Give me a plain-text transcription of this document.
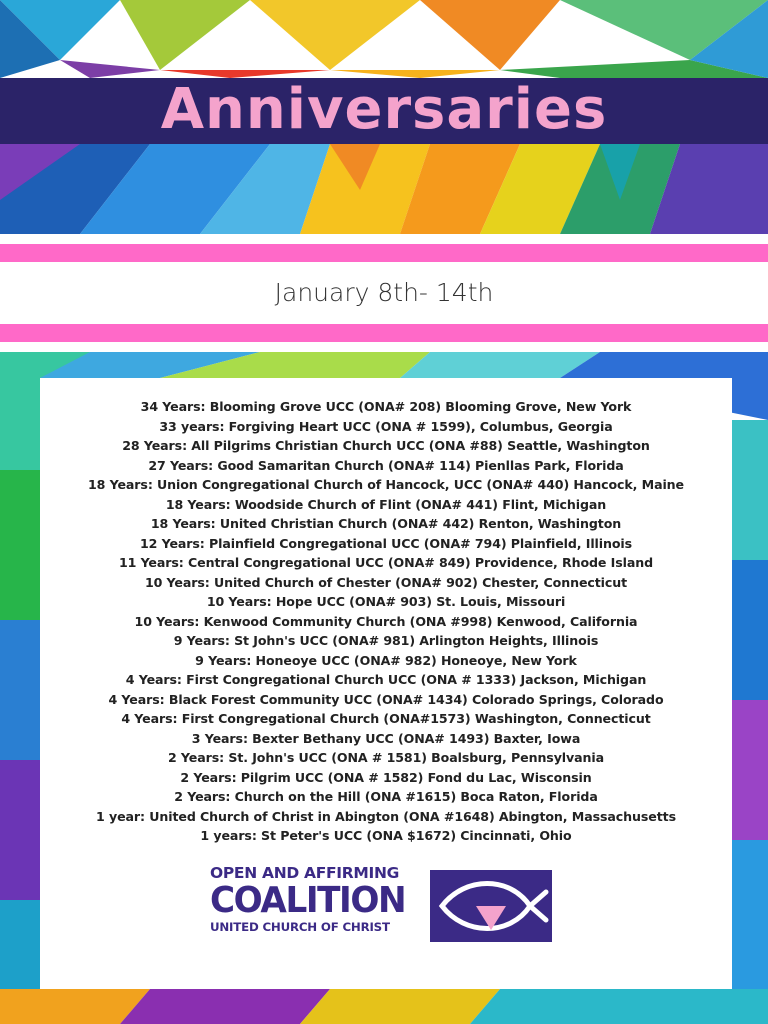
Anniversaries
January 8th- 14th
34 Years: Blooming Grove UCC (ONA# 208) Blooming Grove, New York
33 years: Forgiving Heart UCC (ONA # 1599), Columbus, Georgia
28 Years: All Pilgrims Christian Church UCC (ONA #88) Seattle, Washington
27 Years: Good Samaritan Church (ONA# 114) Pienllas Park, Florida
18 Years: Union Congregational Church of Hancock, UCC (ONA# 440) Hancock, Maine
18 Years: Woodside Church of Flint (ONA# 441) Flint, Michigan
18 Years: United Christian Church (ONA# 442) Renton, Washington
12 Years: Plainfield Congregational UCC (ONA# 794) Plainfield, Illinois
11 Years: Central Congregational UCC (ONA# 849) Providence, Rhode Island
10 Years: United Church of Chester (ONA# 902) Chester, Connecticut
10 Years: Hope UCC (ONA# 903) St. Louis, Missouri
10 Years: Kenwood Community Church (ONA #998) Kenwood, California
9 Years: St John's UCC (ONA# 981) Arlington Heights, Illinois
9 Years: Honeoye UCC (ONA# 982) Honeoye, New York
4 Years: First Congregational Church UCC (ONA # 1333) Jackson, Michigan
4 Years: Black Forest Community UCC (ONA# 1434) Colorado Springs, Colorado
4 Years: First Congregational Church (ONA#1573) Washington, Connecticut
3 Years: Bexter Bethany UCC (ONA# 1493) Baxter, Iowa
2 Years: St. John's UCC (ONA # 1581) Boalsburg, Pennsylvania
2 Years: Pilgrim UCC (ONA # 1582) Fond du Lac, Wisconsin
2 Years: Church on the Hill (ONA #1615) Boca Raton, Florida
1 year: United Church of Christ in Abington (ONA #1648) Abington, Massachusetts
1 years: St Peter's UCC (ONA $1672) Cincinnati, Ohio
OPEN AND AFFIRMING
COALITION
UNITED CHURCH OF CHRIST
